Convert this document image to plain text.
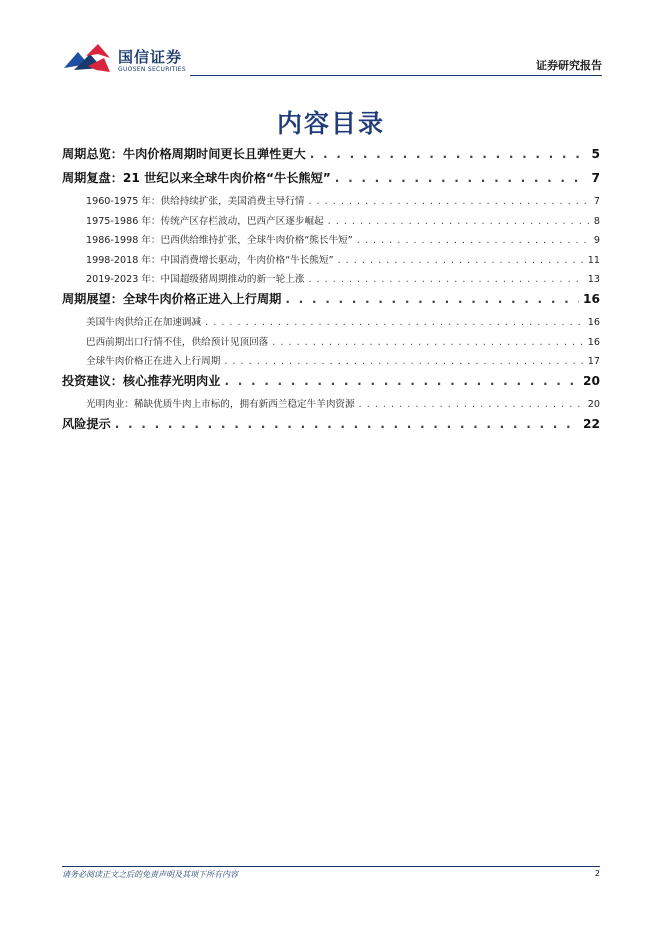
国信证券
GUOSEN SECURITIES	证券研究报告
内容目录
周期总览：牛肉价格周期时间更长且弹性更大 . . .	5
周期复盘：21 世纪以来全球牛肉价格“牛长熊短” . . .	7
1960-1975 年：供给持续扩张，美国消费主导行情 . . .	7
1975-1986 年：传统产区存栏波动，巴西产区逐步崛起 . . .	8
1986-1998 年：巴西供给维持扩张，全球牛肉价格“熊长牛短” . . .	9
1998-2018 年：中国消费增长驱动，牛肉价格“牛长熊短” . . .	11
2019-2023 年：中国超级猪周期推动的新一轮上涨 . . .	13
周期展望：全球牛肉价格正进入上行周期 . . .	16
美国牛肉供给正在加速调减 . . .	16
巴西前期出口行情不佳，供给预计见顶回落 . . .	16
全球牛肉价格正在进入上行周期 . . .	17
投资建议：核心推荐光明肉业 . . .	20
光明肉业：稀缺优质牛肉上市标的，拥有新西兰稳定牛羊肉资源 . . .	20
风险提示 . . .	22
请务必阅读正文之后的免责声明及其项下所有内容	2
